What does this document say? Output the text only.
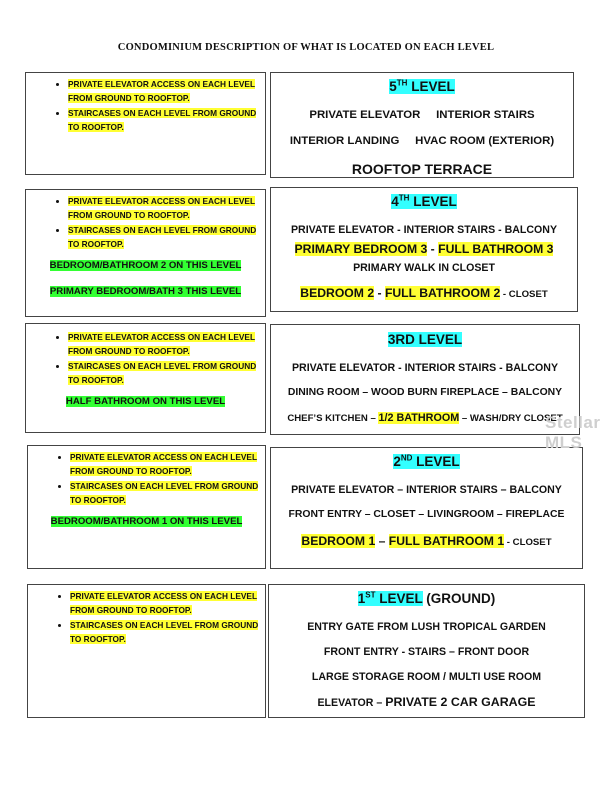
CONDOMINIUM DESCRIPTION OF WHAT IS LOCATED ON EACH LEVEL
• PRIVATE ELEVATOR ACCESS ON EACH LEVEL FROM GROUND TO ROOFTOP.
• STAIRCASES ON EACH LEVEL FROM GROUND TO ROOFTOP.
5TH LEVEL
PRIVATE ELEVATOR     INTERIOR STAIRS
INTERIOR LANDING     HVAC ROOM (EXTERIOR)
ROOFTOP TERRACE
• PRIVATE ELEVATOR ACCESS ON EACH LEVEL FROM GROUND TO ROOFTOP.
• STAIRCASES ON EACH LEVEL FROM GROUND TO ROOFTOP.
BEDROOM/BATHROOM 2 ON THIS LEVEL
PRIMARY BEDROOM/BATH 3 THIS LEVEL
4TH LEVEL
PRIVATE ELEVATOR - INTERIOR STAIRS - BALCONY
PRIMARY BEDROOM 3 - FULL BATHROOM 3
PRIMARY WALK IN CLOSET
BEDROOM 2 - FULL BATHROOM 2 - CLOSET
• PRIVATE ELEVATOR ACCESS ON EACH LEVEL FROM GROUND TO ROOFTOP.
• STAIRCASES ON EACH LEVEL FROM GROUND TO ROOFTOP.
HALF BATHROOM ON THIS LEVEL
3RD LEVEL
PRIVATE ELEVATOR - INTERIOR STAIRS - BALCONY
DINING ROOM – WOOD BURN FIREPLACE – BALCONY
CHEF’S KITCHEN – 1/2 BATHROOM – WASH/DRY CLOSET
• PRIVATE ELEVATOR ACCESS ON EACH LEVEL FROM GROUND TO ROOFTOP.
• STAIRCASES ON EACH LEVEL FROM GROUND TO ROOFTOP.
BEDROOM/BATHROOM 1 ON THIS LEVEL
2ND LEVEL
PRIVATE ELEVATOR – INTERIOR STAIRS – BALCONY
FRONT ENTRY – CLOSET – LIVINGROOM – FIREPLACE
BEDROOM 1 – FULL BATHROOM 1 - CLOSET
• PRIVATE ELEVATOR ACCESS ON EACH LEVEL FROM GROUND TO ROOFTOP.
• STAIRCASES ON EACH LEVEL FROM GROUND TO ROOFTOP.
1ST LEVEL (GROUND)
ENTRY GATE FROM LUSH TROPICAL GARDEN
FRONT ENTRY - STAIRS – FRONT DOOR
LARGE STORAGE ROOM / MULTI USE ROOM
ELEVATOR – PRIVATE 2 CAR GARAGE
Stellar MLS
